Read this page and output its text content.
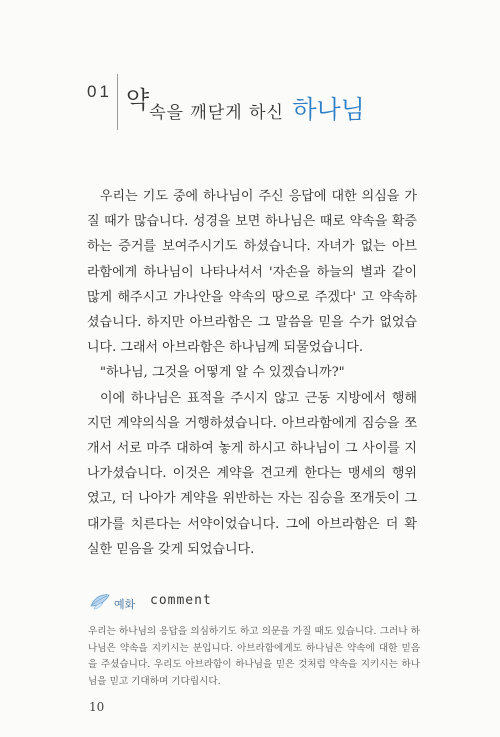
01 약속을 깨닫게 하신 하나님

우리는 기도 중에 하나님이 주신 응답에 대한 의심을 가질 때가 많습니다. 성경을 보면 하나님은 때로 약속을 확증하는 증거를 보여주시기도 하셨습니다. 자녀가 없는 아브라함에게 하나님이 나타나셔서 '자손을 하늘의 별과 같이 많게 해주시고 가나안을 약속의 땅으로 주겠다' 고 약속하셨습니다. 하지만 아브라함은 그 말씀을 믿을 수가 없었습니다. 그래서 아브라함은 하나님께 되물었습니다.

"하나님, 그것을 어떻게 알 수 있겠습니까?"

이에 하나님은 표적을 주시지 않고 근동 지방에서 행해지던 계약의식을 거행하셨습니다. 아브라함에게 짐승을 쪼개서 서로 마주 대하여 놓게 하시고 하나님이 그 사이를 지나가셨습니다. 이것은 계약을 견고케 한다는 맹세의 행위였고, 더 나아가 계약을 위반하는 자는 짐승을 쪼개듯이 그 대가를 치른다는 서약이었습니다. 그에 아브라함은 더 확실한 믿음을 갖게 되었습니다.

예화 comment
우리는 하나님의 응답을 의심하기도 하고 의문을 가질 때도 있습니다. 그러나 하나님은 약속을 지키시는 분입니다. 아브라함에게도 하나님은 약속에 대한 믿음을 주셨습니다. 우리도 아브라함이 하나님을 믿은 것처럼 약속을 지키시는 하나님을 믿고 기대하며 기다립시다.
10
